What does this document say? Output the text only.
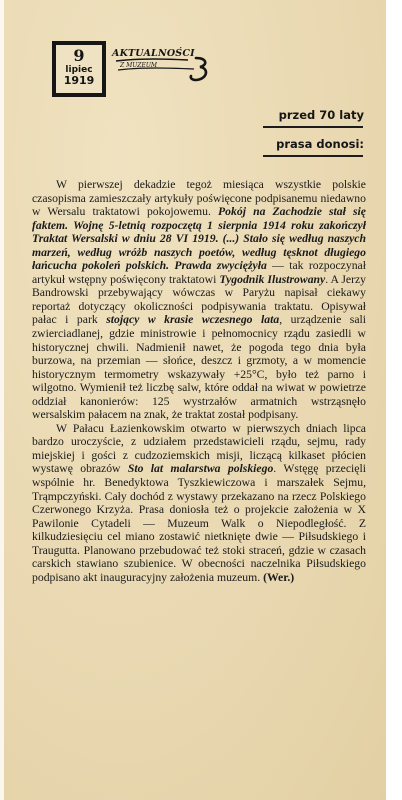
9
lipiec
1919
AKTUALNOŚCI
Z MUZEUM
przed 70 laty
prasa donosi:

W pierwszej dekadzie tegoż miesiąca wszystkie polskie czasopisma zamieszczały artykuły poświęcone podpisanemu niedawno w Wersalu traktatowi pokojowemu. Pokój na Zachodzie stał się faktem. Wojnę 5-letnią rozpoczętą 1 sierpnia 1914 roku zakończył Traktat Wersalski w dniu 28 VI 1919. (...) Stało się według naszych marzeń, według wróżb naszych poetów, według tęsknot długiego łańcucha pokoleń polskich. Prawda zwyciężyła — tak rozpoczynał artykuł wstępny poświęcony traktatowi Tygodnik Ilustrowany. A Jerzy Bandrowski przebywający wówczas w Paryżu napisał ciekawy reportaż dotyczący okoliczności podpisywania traktatu. Opisywał pałac i park stojący w krasie wczesnego lata, urządzenie sali zwierciadlanej, gdzie ministrowie i pełnomocnicy rządu zasiedli w historycznej chwili. Nadmienił nawet, że pogoda tego dnia była burzowa, na przemian — słońce, deszcz i grzmoty, a w momencie historycznym termometry wskazywały +25°C, było też parno i wilgotno. Wymienił też liczbę salw, które oddał na wiwat w powietrze oddział kanonierów: 125 wystrzałów armatnich wstrząsnęło wersalskim pałacem na znak, że traktat został podpisany.

W Pałacu Łazienkowskim otwarto w pierwszych dniach lipca bardzo uroczyście, z udziałem przedstawicieli rządu, sejmu, rady miejskiej i gości z cudzoziemskich misji, liczącą kilkaset płócien wystawę obrazów Sto lat malarstwa polskiego. Wstęgę przecięli wspólnie hr. Benedyktowa Tyszkiewiczowa i marszałek Sejmu, Trąmpczyński. Cały dochód z wystawy przekazano na rzecz Polskiego Czerwonego Krzyża. Prasa doniosła też o projekcie założenia w X Pawilonie Cytadeli — Muzeum Walk o Niepodległość. Z kilkudziesięciu cel miano zostawić nietknięte dwie — Piłsudskiego i Traugutta. Planowano przebudować też stoki straceń, gdzie w czasach carskich stawiano szubienice. W obecności naczelnika Piłsudskiego podpisano akt inauguracyjny założenia muzeum. (Wer.)
